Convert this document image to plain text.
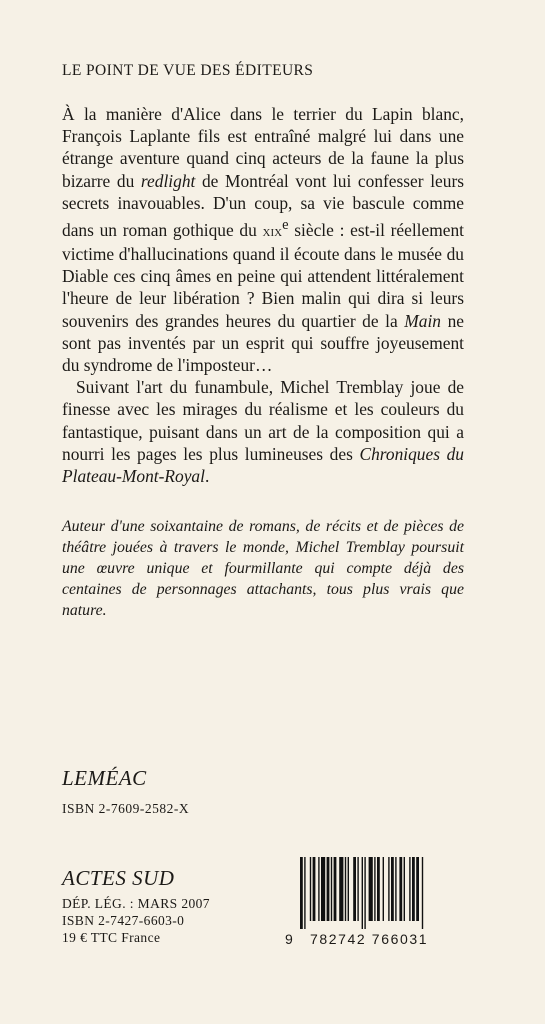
LE POINT DE VUE DES ÉDITEURS

À la manière d'Alice dans le terrier du Lapin blanc, François Laplante fils est entraîné malgré lui dans une étrange aventure quand cinq acteurs de la faune la plus bizarre du redlight de Montréal vont lui confesser leurs secrets inavouables. D'un coup, sa vie bascule comme dans un roman gothique du xix$^e$ siècle : est-il réellement victime d'hallucinations quand il écoute dans le musée du Diable ces cinq âmes en peine qui attendent littéralement l'heure de leur libération ? Bien malin qui dira si leurs souvenirs des grandes heures du quartier de la Main ne sont pas inventés par un esprit qui souffre joyeusement du syndrome de l'imposteur…

Suivant l'art du funambule, Michel Tremblay joue de finesse avec les mirages du réalisme et les couleurs du fantastique, puisant dans un art de la composition qui a nourri les pages les plus lumineuses des Chroniques du Plateau-Mont-Royal.

Auteur d'une soixantaine de romans, de récits et de pièces de théâtre jouées à travers le monde, Michel Tremblay poursuit une œuvre unique et fourmillante qui compte déjà des centaines de personnages attachants, tous plus vrais que nature.
LEMÉAC
ISBN 2-7609-2582-X
ACTES SUD
DÉP. LÉG. : MARS 2007
ISBN 2-7427-6603-0
19 € TTC France	9 782742 766031
